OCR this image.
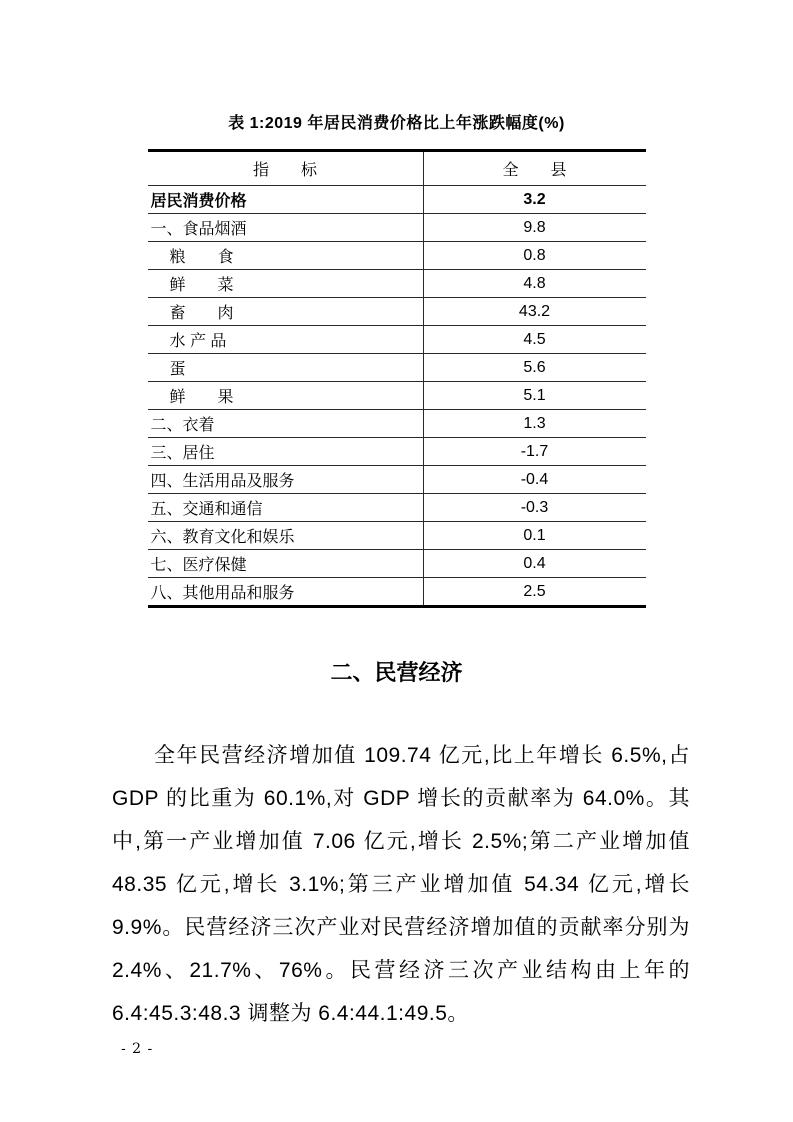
表 1:2019 年居民消费价格比上年涨跌幅度(%)

指　　标	全　　县
居民消费价格	3.2
一、食品烟酒	9.8
粮　　食	0.8
鲜　　菜	4.8
畜　　肉	43.2
水 产 品	4.5
蛋	5.6
鲜　　果	5.1
二、衣着	1.3
三、居住	-1.7
四、生活用品及服务	-0.4
五、交通和通信	-0.3
六、教育文化和娱乐	0.1
七、医疗保健	0.4
八、其他用品和服务	2.5
二、民营经济

全年民营经济增加值 109.74 亿元,比上年增长 6.5%,占 GDP 的比重为 60.1%,对 GDP 增长的贡献率为 64.0%。其中,第一产业增加值 7.06 亿元,增长 2.5%;第二产业增加值 48.35 亿元,增长 3.1%;第三产业增加值 54.34 亿元,增长 9.9%。民营经济三次产业对民营经济增加值的贡献率分别为 2.4%、21.7%、76%。民营经济三次产业结构由上年的 6.4:45.3:48.3 调整为 6.4:44.1:49.5。

- 2 -
